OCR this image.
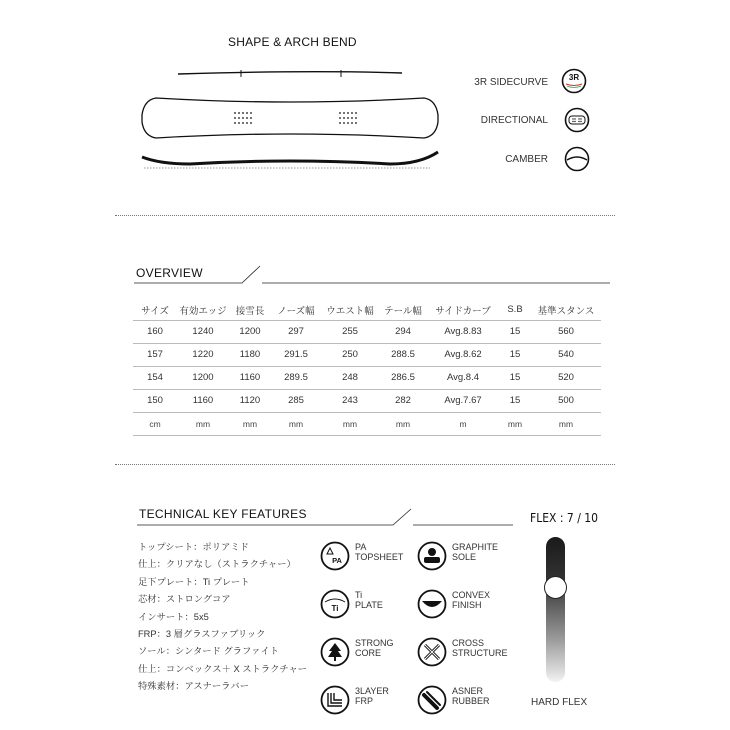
SHAPE & ARCH BEND
3R SIDECURVE	3R
DIRECTIONAL
CAMBER
OVERVIEW
サイズ	有効エッジ	接雪長	ノーズ幅	ウエスト幅	テール幅	サイドカーブ	S.B	基準スタンス
160	1240	1200	297	255	294	Avg.8.83	15	560
157	1220	1180	291.5	250	288.5	Avg.8.62	15	540
154	1200	1160	289.5	248	286.5	Avg.8.4	15	520
150	1160	1120	285	243	282	Avg.7.67	15	500
cm	mm	mm	mm	mm	mm	m	mm	mm
TECHNICAL KEY FEATURES
トップシート：ポリアミド
仕上：クリアなし（ストラクチャー）
足下プレート：Ti プレート
芯材：ストロングコア
インサート：5x5
FRP：3 層グラスファブリック
ソール：シンタード グラファイト
仕上：コンベックス＋ X ストラクチャー
特殊素材：アスナーラバー
PA
PA
TOPSHEET
Ti
Ti
PLATE
STRONG
CORE
3LAYER
FRP
GRAPHITE
SOLE
CONVEX
FINISH
CROSS
STRUCTURE
ASNER
RUBBER
FLEX : 7 / 10
HARD FLEX
